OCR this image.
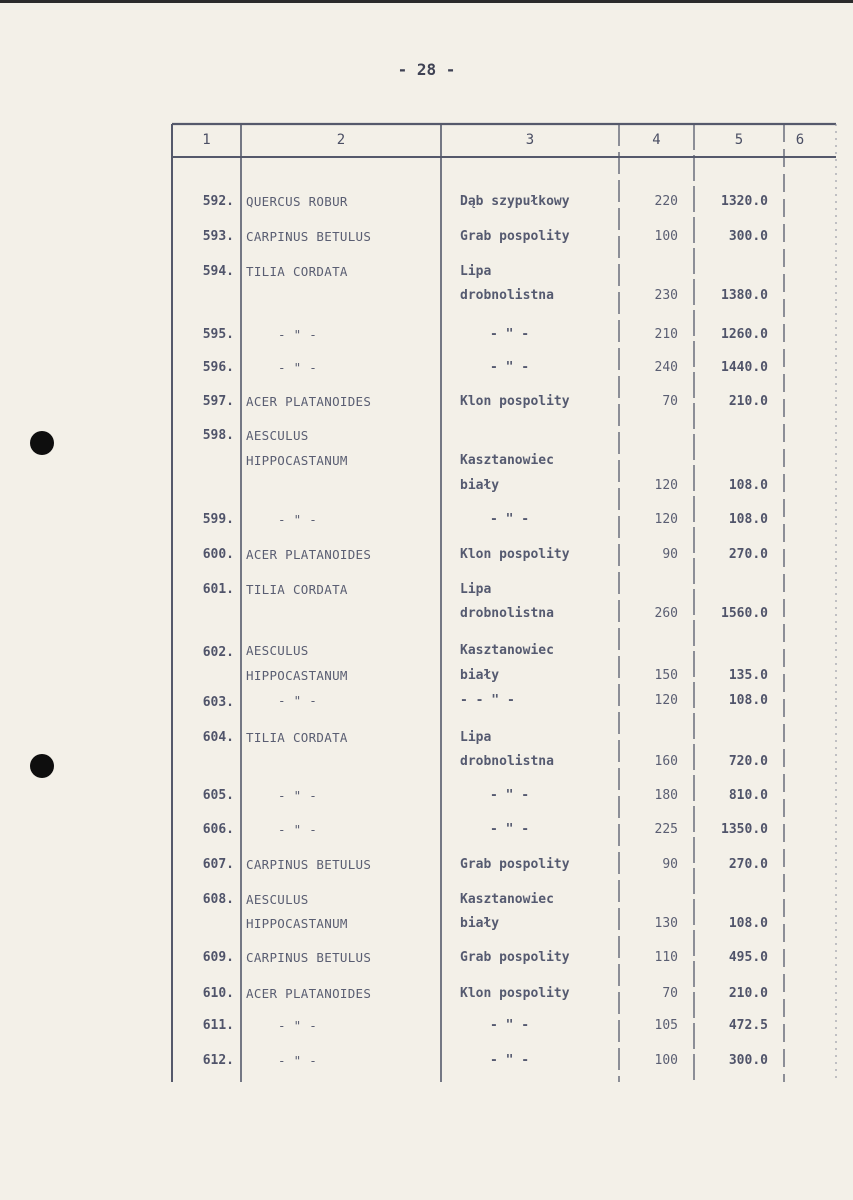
- 28 -
1	2	3	4	5	6
592. QUERCUS ROBUR	Dąb szypułkowy	220	1320.0
593. CARPINUS BETULUS	Grab pospolity	100	300.0
594. TILIA CORDATA	Lipa
drobnolistna	230	1380.0
595.	- " -	- " -	210	1260.0
596.	- " -	- " -	240	1440.0
597. ACER PLATANOIDES	Klon pospolity	70	210.0
598. AESCULUS
HIPPOCASTANUM	Kasztanowiec
biały	120	108.0
599.	- " -	- " -	120	108.0
600. ACER PLATANOIDES	Klon pospolity	90	270.0
601. TILIA CORDATA	Lipa
drobnolistna	260	1560.0
602. AESCULUS
HIPPOCASTANUM
Kasztanowiec
biały	150	135.0
603.	- " -	- - " -	120	108.0
604. TILIA CORDATA	Lipa
drobnolistna	160	720.0
605.	- " -	- " -	180	810.0
606.	- " -	- " -	225	1350.0
607. CARPINUS BETULUS	Grab pospolity	90	270.0
608. AESCULUS
HIPPOCASTANUM
Kasztanowiec
biały	130	108.0
609. CARPINUS BETULUS	Grab pospolity	110	495.0
610. ACER PLATANOIDES	Klon pospolity	70	210.0
611.	- " -	- " -	105	472.5
612.	- " -	- " -	100	300.0
